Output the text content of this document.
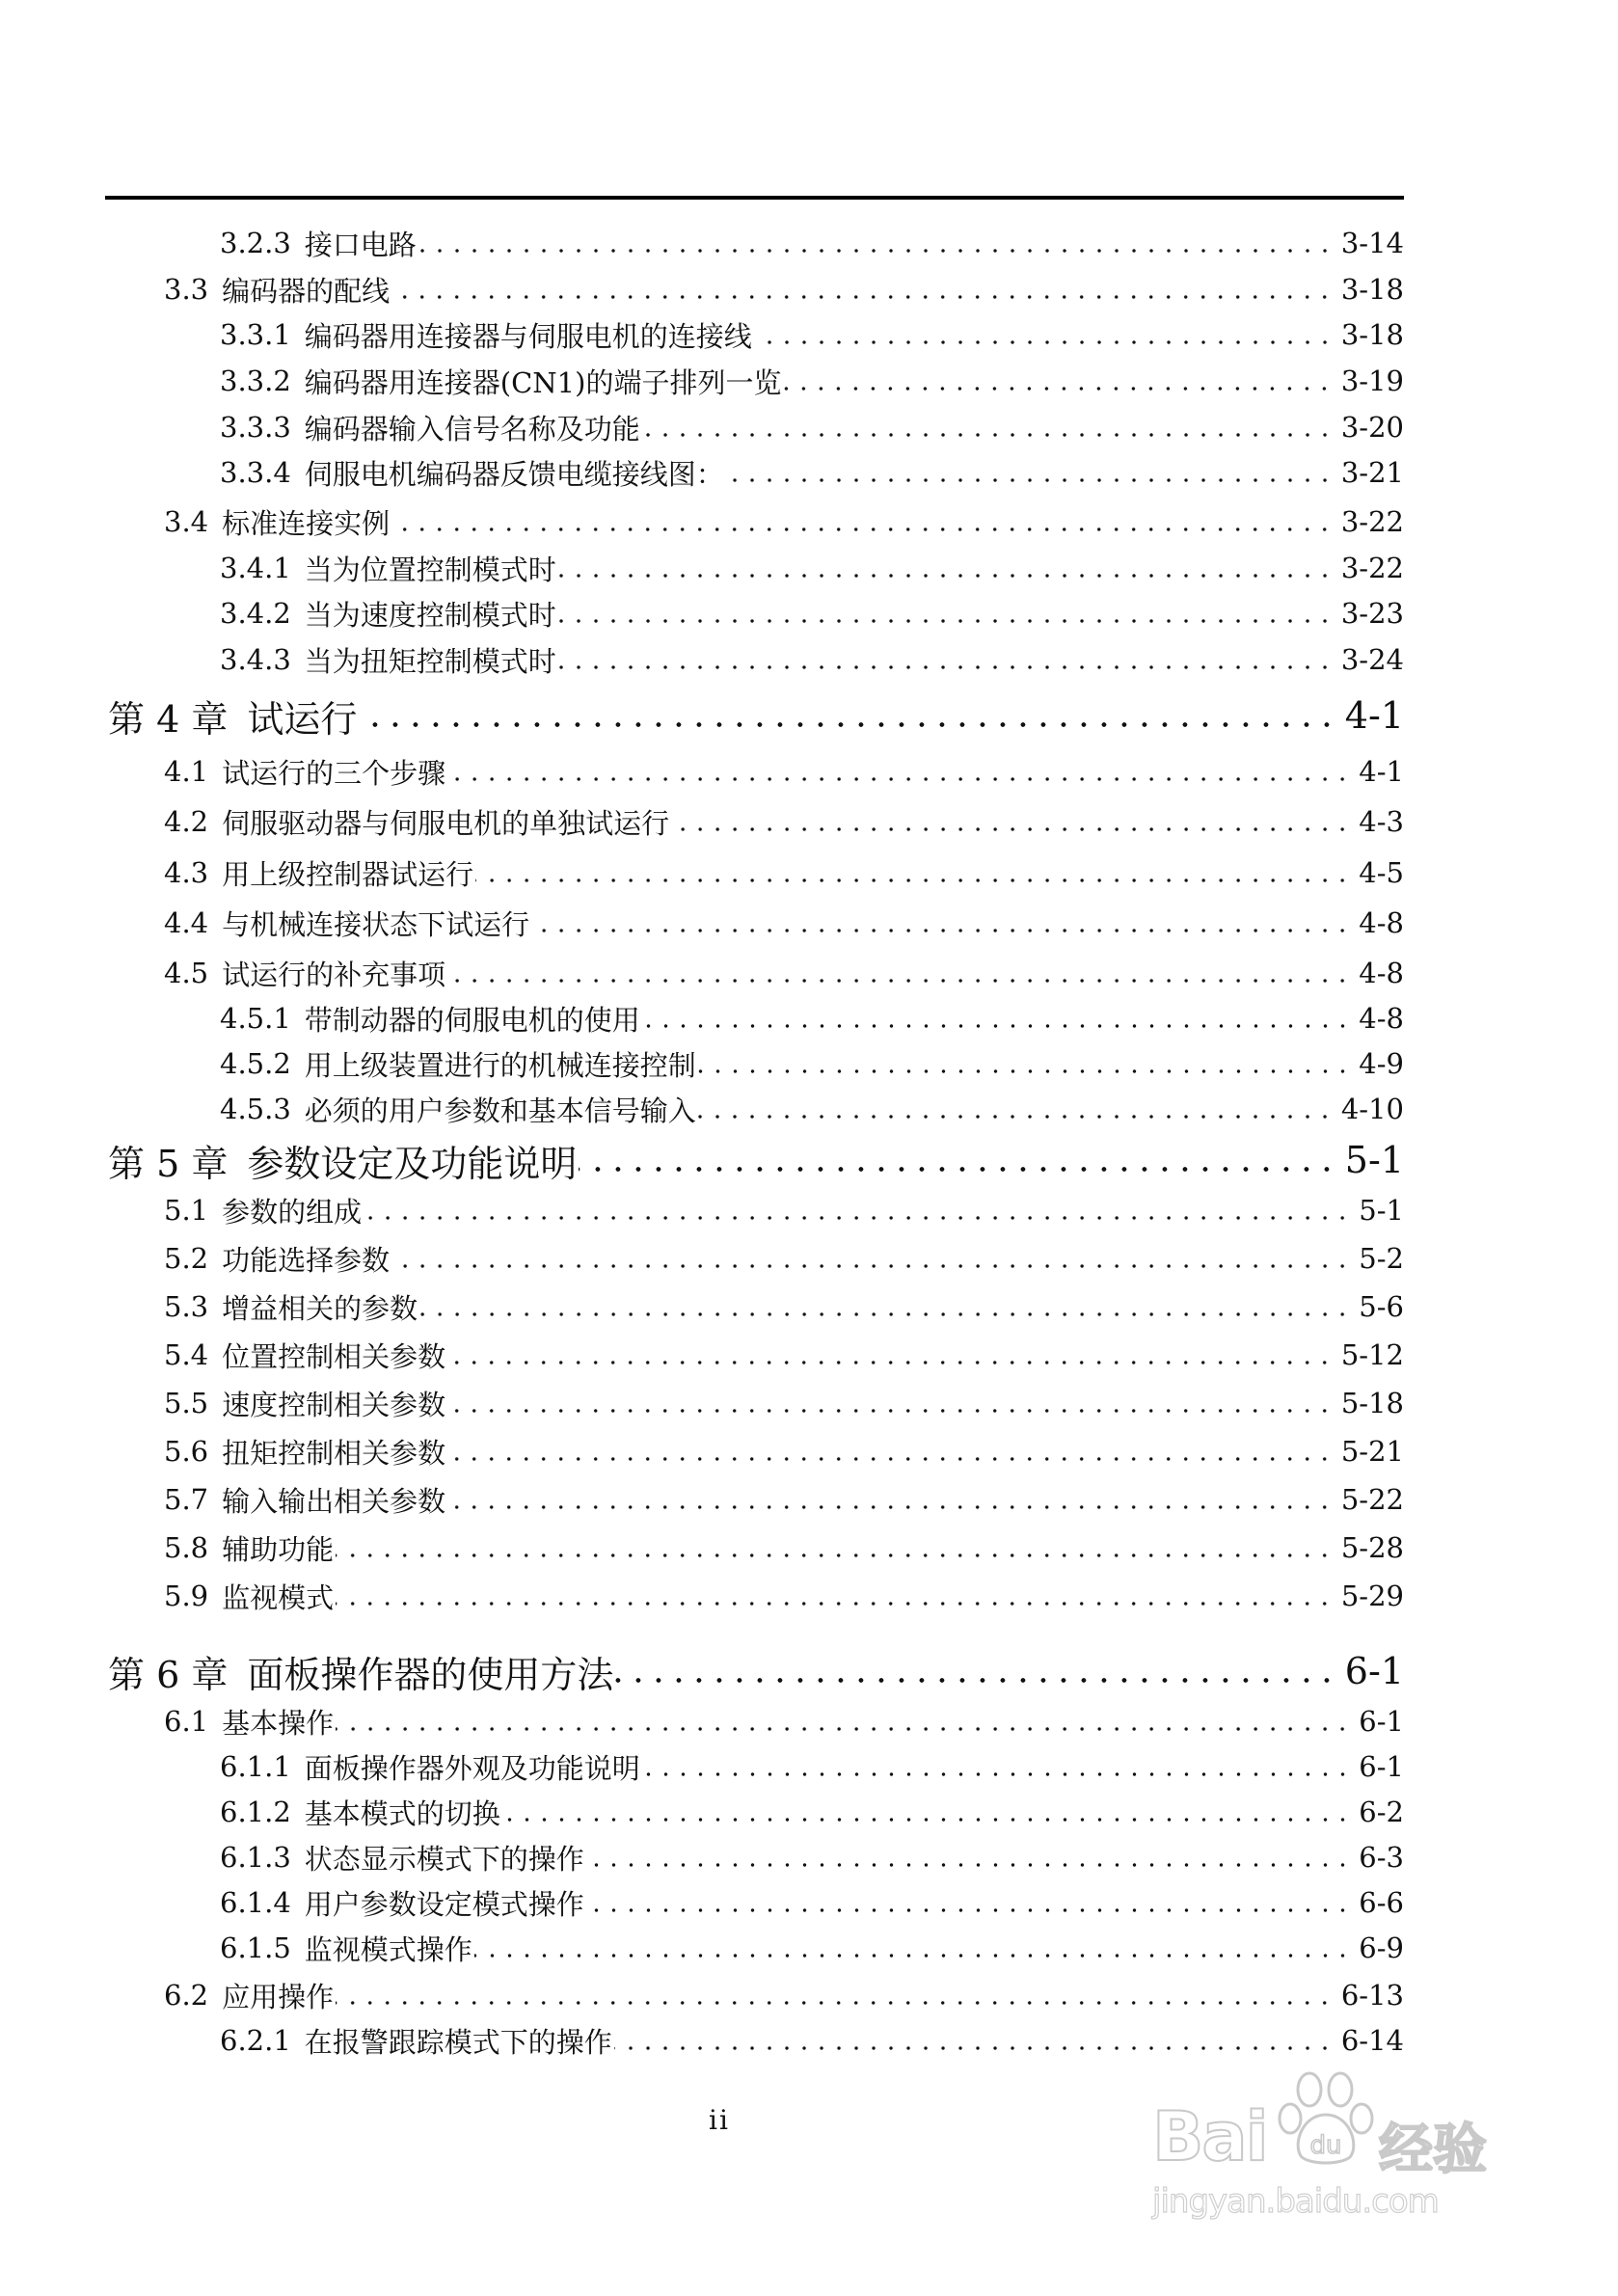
3.2.3 接口电路	3-14
3.3 编码器的配线	3-18
3.3.1 编码器用连接器与伺服电机的连接线	3-18
3.3.2 编码器用连接器(CN1)的端子排列一览	3-19
3.3.3 编码器输入信号名称及功能	3-20
3.3.4 伺服电机编码器反馈电缆接线图：	3-21
3.4 标准连接实例	3-22
3.4.1 当为位置控制模式时	3-22
3.4.2 当为速度控制模式时	3-23
3.4.3 当为扭矩控制模式时	3-24
第 4 章 试运行	4-1
4.1 试运行的三个步骤	4-1
4.2 伺服驱动器与伺服电机的单独试运行	4-3
4.3 用上级控制器试运行	4-5
4.4 与机械连接状态下试运行	4-8
4.5 试运行的补充事项	4-8
4.5.1 带制动器的伺服电机的使用	4-8
4.5.2 用上级装置进行的机械连接控制	4-9
4.5.3 必须的用户参数和基本信号输入	4-10
第 5 章 参数设定及功能说明	5-1
5.1 参数的组成	5-1
5.2 功能选择参数	5-2
5.3 增益相关的参数	5-6
5.4 位置控制相关参数	5-12
5.5 速度控制相关参数	5-18
5.6 扭矩控制相关参数	5-21
5.7 输入输出相关参数	5-22
5.8 辅助功能	5-28
5.9 监视模式	5-29
第 6 章 面板操作器的使用方法	6-1
6.1 基本操作	6-1
6.1.1 面板操作器外观及功能说明	6-1
6.1.2 基本模式的切换	6-2
6.1.3 状态显示模式下的操作	6-3
6.1.4 用户参数设定模式操作	6-6
6.1.5 监视模式操作	6-9
6.2 应用操作	6-13
6.2.1 在报警跟踪模式下的操作	6-14
ii
du
Bai 经验
jingyan.baidu.com
